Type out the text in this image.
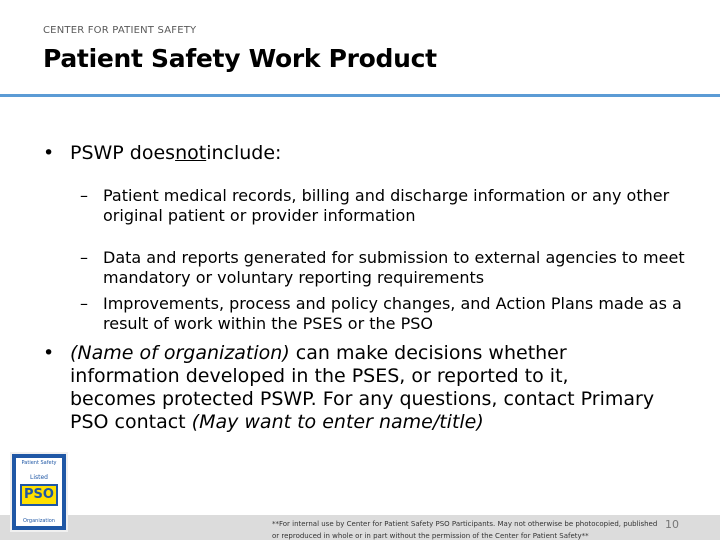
CENTER FOR PATIENT SAFETY
Patient Safety Work Product
• PSWP does not include:
– Patient medical records, billing and discharge information or any other original patient or provider information
– Data and reports generated for submission to external agencies to meet mandatory or voluntary reporting requirements
– Improvements, process and policy changes, and Action Plans made as a result of work within the PSES or the PSO
• (Name of organization) can make decisions whether information developed in the PSES, or reported to it, becomes protected PSWP. For any questions, contact Primary PSO contact (May want to enter name/title)
Patient Safety
Listed
PSO
Organization	**For internal use by Center for Patient Safety PSO Participants. May not otherwise be photocopied, published or reproduced in whole or in part without the permission of the Center for Patient Safety**
10
